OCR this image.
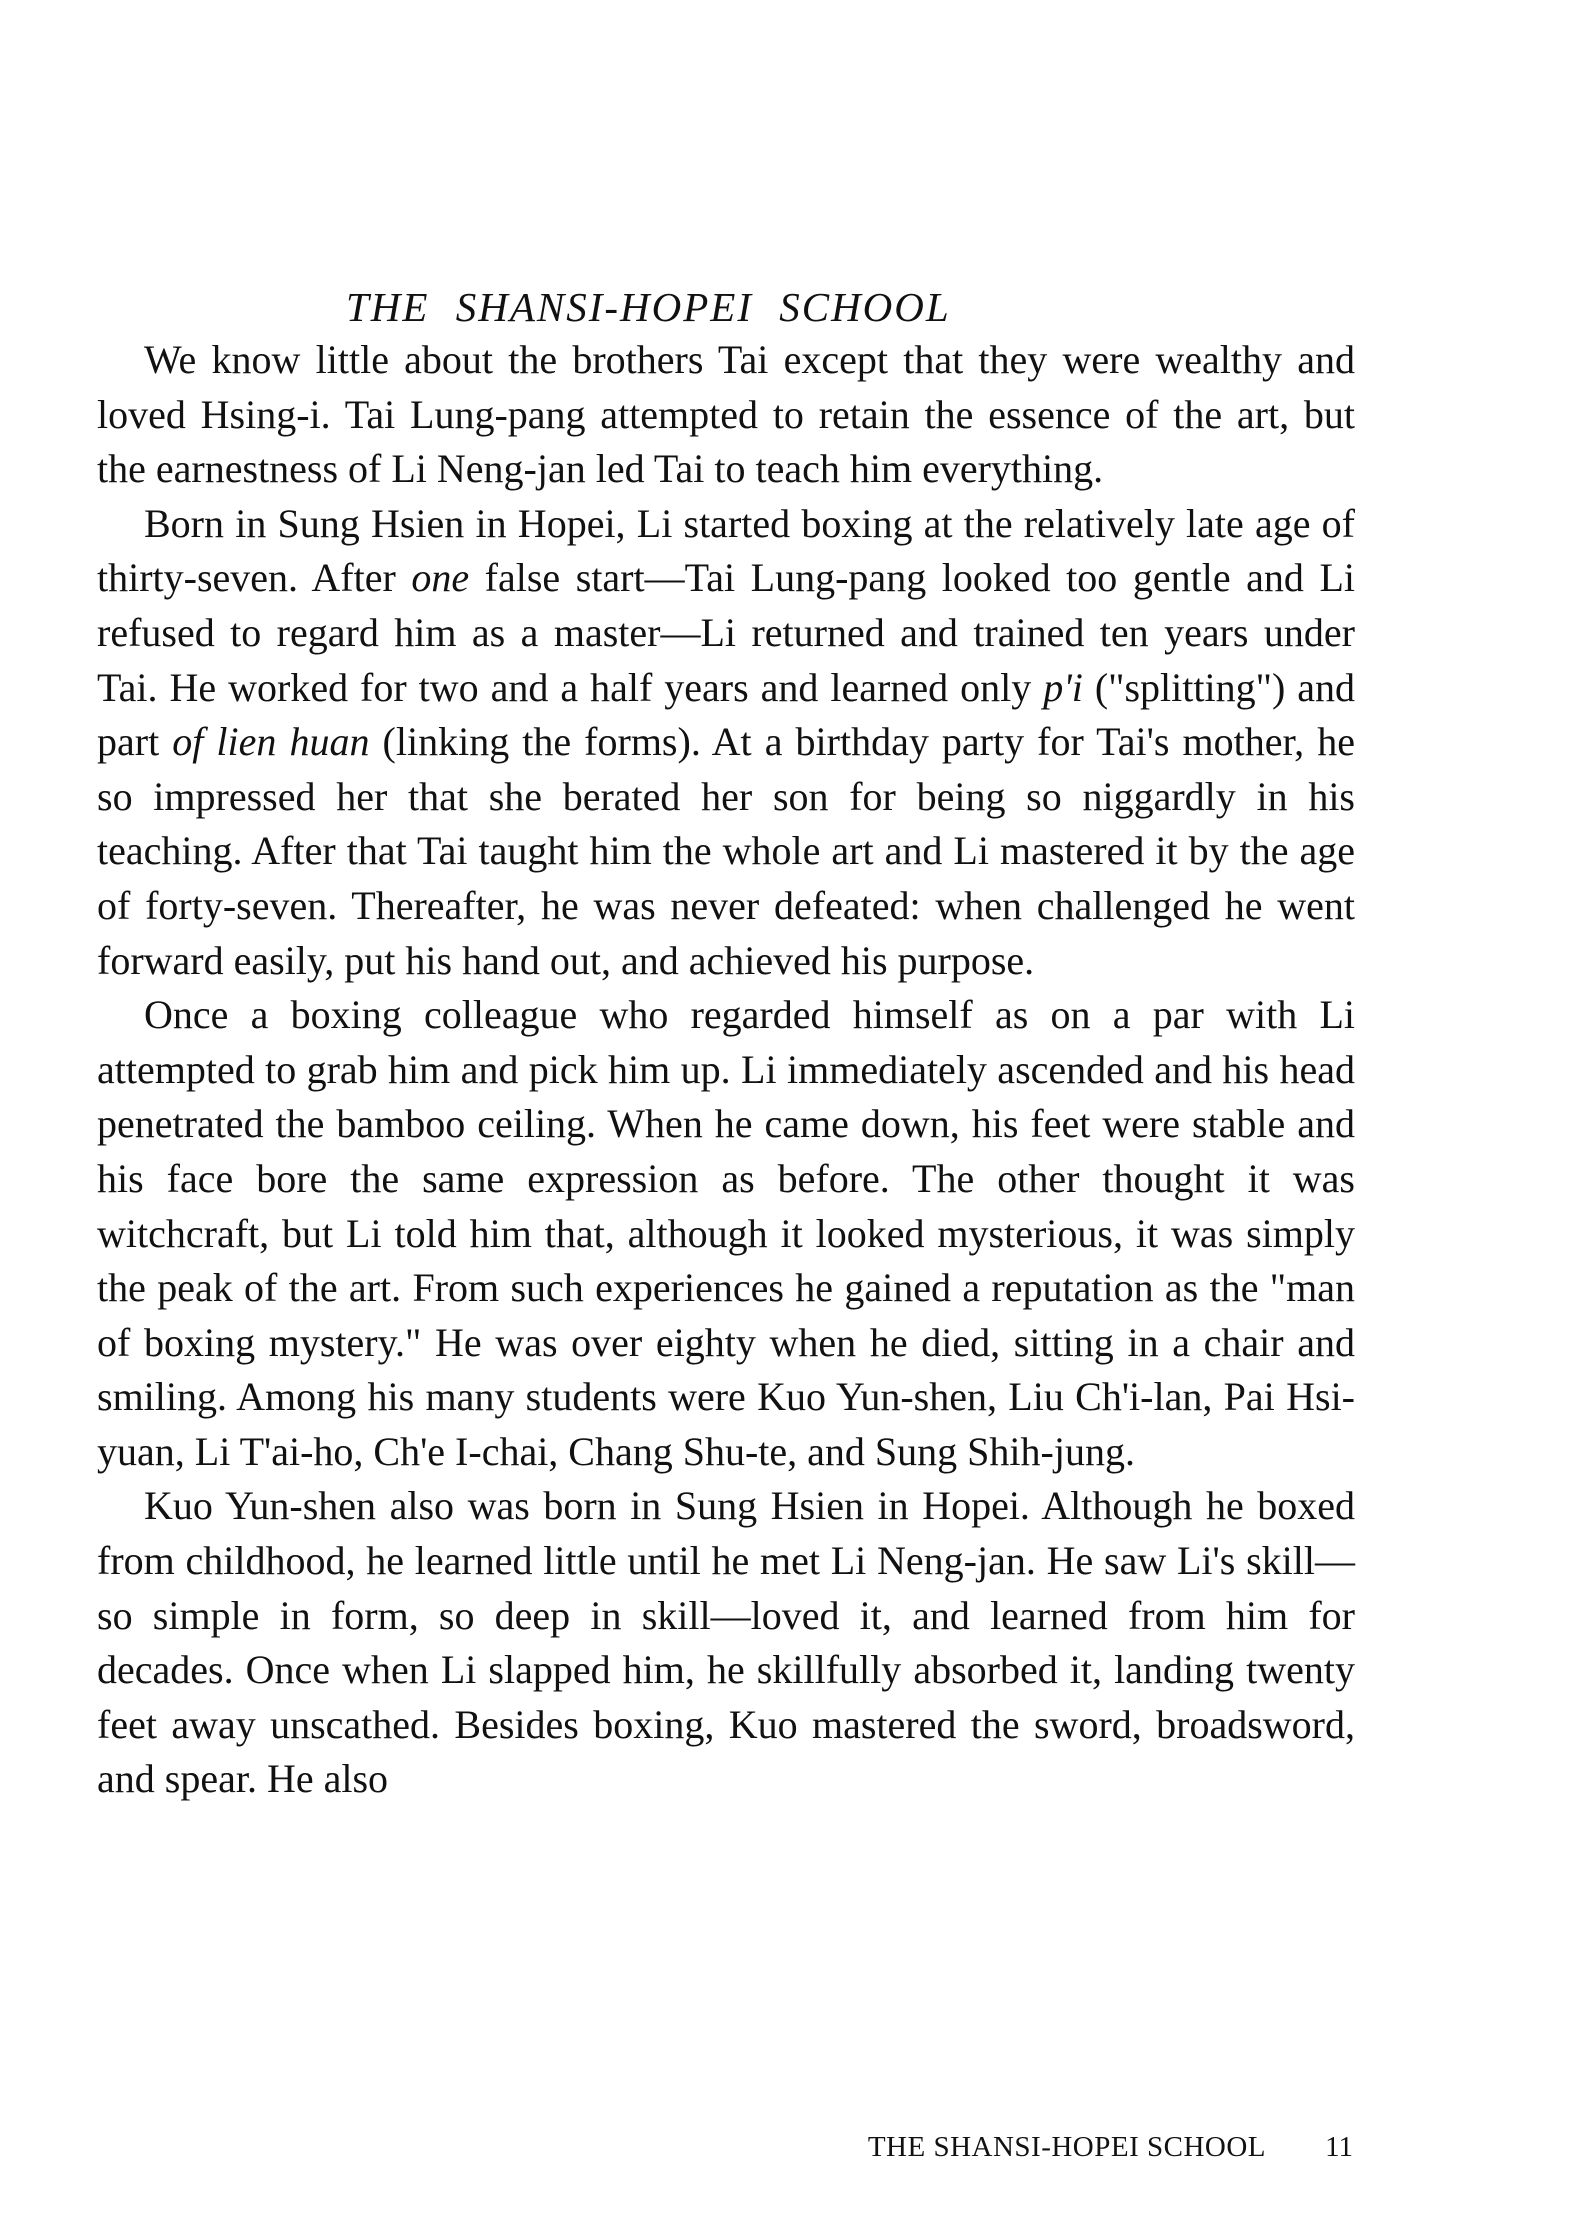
THE SHANSI-HOPEI SCHOOL

We know little about the brothers Tai except that they were wealthy and loved Hsing-i. Tai Lung-pang attempted to retain the essence of the art, but the earnestness of Li Neng-jan led Tai to teach him everything.

Born in Sung Hsien in Hopei, Li started boxing at the relatively late age of thirty-seven. After one false start—Tai Lung-pang looked too gentle and Li refused to regard him as a master—Li returned and trained ten years under Tai. He worked for two and a half years and learned only p'i ("splitting") and part of lien huan (linking the forms). At a birthday party for Tai's mother, he so impressed her that she berated her son for being so niggardly in his teaching. After that Tai taught him the whole art and Li mastered it by the age of forty-seven. Thereafter, he was never defeated: when challenged he went forward easily, put his hand out, and achieved his purpose.

Once a boxing colleague who regarded himself as on a par with Li attempted to grab him and pick him up. Li immediately ascended and his head penetrated the bamboo ceiling. When he came down, his feet were stable and his face bore the same expression as before. The other thought it was witchcraft, but Li told him that, although it looked mysterious, it was simply the peak of the art. From such experiences he gained a reputation as the "man of boxing mystery." He was over eighty when he died, sitting in a chair and smiling. Among his many students were Kuo Yun-shen, Liu Ch'i-lan, Pai Hsi-yuan, Li T'ai-ho, Ch'e I-chai, Chang Shu-te, and Sung Shih-jung.

Kuo Yun-shen also was born in Sung Hsien in Hopei. Although he boxed from childhood, he learned little until he met Li Neng-jan. He saw Li's skill—so simple in form, so deep in skill—loved it, and learned from him for decades. Once when Li slapped him, he skillfully absorbed it, landing twenty feet away unscathed. Besides boxing, Kuo mastered the sword, broadsword, and spear. He also

THE SHANSI-HOPEI SCHOOL 11
